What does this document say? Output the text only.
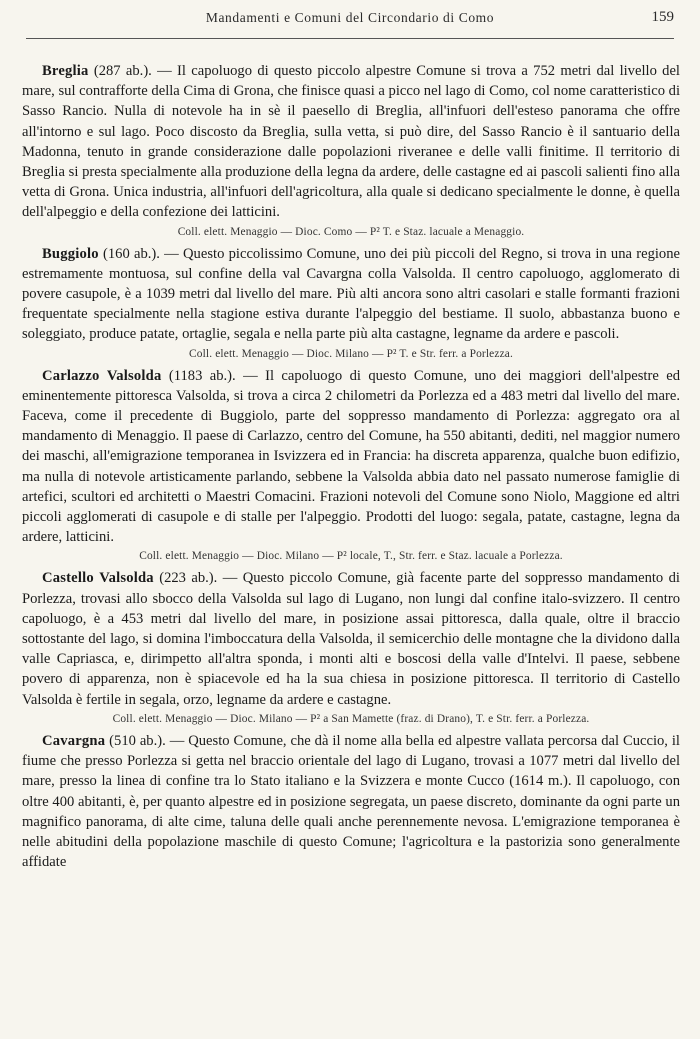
Mandamenti e Comuni del Circondario di Como	159

Breglia (287 ab.). — Il capoluogo di questo piccolo alpestre Comune si trova a 752 metri dal livello del mare, sul contrafforte della Cima di Grona, che finisce quasi a picco nel lago di Como, col nome caratteristico di Sasso Rancio. Nulla di notevole ha in sè il paesello di Breglia, all'infuori dell'esteso panorama che offre all'intorno e sul lago. Poco discosto da Breglia, sulla vetta, si può dire, del Sasso Rancio è il santuario della Madonna, tenuto in grande considerazione dalle popolazioni riveranee e delle valli finitime. Il territorio di Breglia si presta specialmente alla produzione della legna da ardere, delle castagne ed ai pascoli salienti fino alla vetta di Grona. Unica industria, all'infuori dell'agricoltura, alla quale si dedicano specialmente le donne, è quella dell'alpeggio e della confezione dei latticini.

Coll. elett. Menaggio — Dioc. Como — P² T. e Staz. lacuale a Menaggio.

Buggiolo (160 ab.). — Questo piccolissimo Comune, uno dei più piccoli del Regno, si trova in una regione estremamente montuosa, sul confine della val Cavargna colla Valsolda. Il centro capoluogo, agglomerato di povere casupole, è a 1039 metri dal livello del mare. Più alti ancora sono altri casolari e stalle formanti frazioni frequentate specialmente nella stagione estiva durante l'alpeggio del bestiame. Il suolo, abbastanza buono e soleggiato, produce patate, ortaglie, segala e nella parte più alta castagne, legname da ardere e pascoli.

Coll. elett. Menaggio — Dioc. Milano — P² T. e Str. ferr. a Porlezza.

Carlazzo Valsolda (1183 ab.). — Il capoluogo di questo Comune, uno dei maggiori dell'alpestre ed eminentemente pittoresca Valsolda, si trova a circa 2 chilometri da Porlezza ed a 483 metri dal livello del mare. Faceva, come il precedente di Buggiolo, parte del soppresso mandamento di Porlezza: aggregato ora al mandamento di Menaggio. Il paese di Carlazzo, centro del Comune, ha 550 abitanti, dediti, nel maggior numero dei maschi, all'emigrazione temporanea in Isvizzera ed in Francia: ha discreta apparenza, qualche buon edifizio, ma nulla di notevole artisticamente parlando, sebbene la Valsolda abbia dato nel passato numerose famiglie di artefici, scultori ed architetti o Maestri Comacini. Frazioni notevoli del Comune sono Niolo, Maggione ed altri piccoli agglomerati di casupole e di stalle per l'alpeggio. Prodotti del luogo: segala, patate, castagne, legna da ardere, latticini.

Coll. elett. Menaggio — Dioc. Milano — P² locale, T., Str. ferr. e Staz. lacuale a Porlezza.

Castello Valsolda (223 ab.). — Questo piccolo Comune, già facente parte del soppresso mandamento di Porlezza, trovasi allo sbocco della Valsolda sul lago di Lugano, non lungi dal confine italo-svizzero. Il centro capoluogo, è a 453 metri dal livello del mare, in posizione assai pittoresca, dalla quale, oltre il braccio sottostante del lago, si domina l'imboccatura della Valsolda, il semicerchio delle montagne che la dividono dalla valle Capriasca, e, dirimpetto all'altra sponda, i monti alti e boscosi della valle d'Intelvi. Il paese, sebbene povero di apparenza, non è spiacevole ed ha la sua chiesa in posizione pittoresca. Il territorio di Castello Valsolda è fertile in segala, orzo, legname da ardere e castagne.

Coll. elett. Menaggio — Dioc. Milano — P² a San Mamette (fraz. di Drano), T. e Str. ferr. a Porlezza.

Cavargna (510 ab.). — Questo Comune, che dà il nome alla bella ed alpestre vallata percorsa dal Cuccio, il fiume che presso Porlezza si getta nel braccio orientale del lago di Lugano, trovasi a 1077 metri dal livello del mare, presso la linea di confine tra lo Stato italiano e la Svizzera e monte Cucco (1614 m.). Il capoluogo, con oltre 400 abitanti, è, per quanto alpestre ed in posizione segregata, un paese discreto, dominante da ogni parte un magnifico panorama, di alte cime, taluna delle quali anche perennemente nevosa. L'emigrazione temporanea è nelle abitudini della popolazione maschile di questo Comune; l'agricoltura e la pastorizia sono generalmente affidate
